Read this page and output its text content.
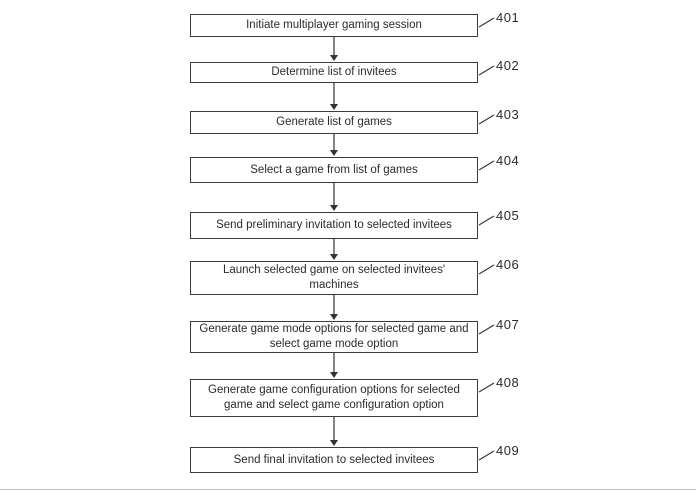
Initiate multiplayer gaming session
401
Determine list of invitees	402
Generate list of games
403
Select a game from list of games
404
Send preliminary invitation to selected invitees
405
Launch selected game on selected invitees' machines
406
Generate game mode options for selected game and select game mode option
407
Generate game configuration options for selected game and select game configuration option
408
Send final invitation to selected invitees
409
